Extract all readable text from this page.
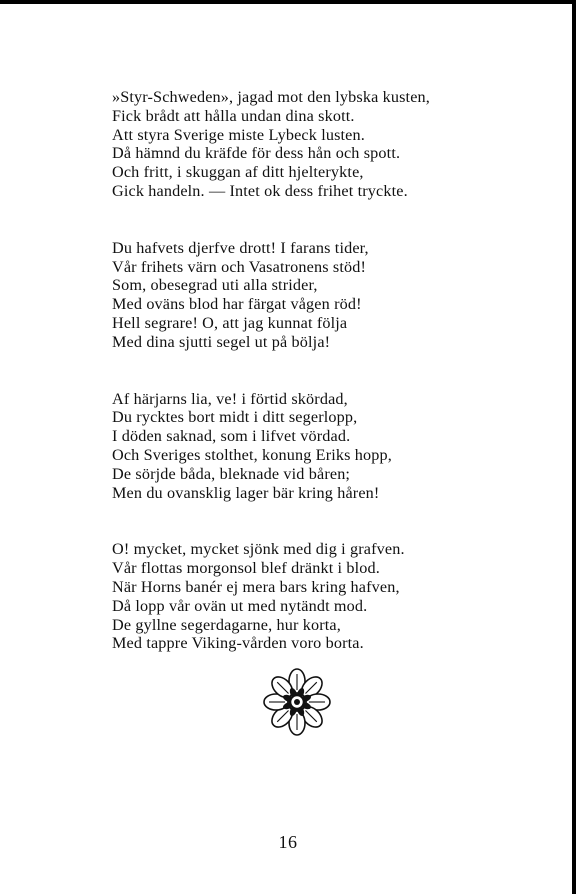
»Styr-Schweden», jagad mot den lybska kusten,
Fick brådt att hålla undan dina skott.
Att styra Sverige miste Lybeck lusten.
Då hämnd du kräfde för dess hån och spott.
Och fritt, i skuggan af ditt hjelterykte,
Gick handeln. — Intet ok dess frihet tryckte.
Du hafvets djerfve drott! I farans tider,
Vår frihets värn och Vasatronens stöd!
Som, obesegrad uti alla strider,
Med oväns blod har färgat vågen röd!
Hell segrare! O, att jag kunnat följa
Med dina sjutti segel ut på bölja!
Af härjarns lia, ve! i förtid skördad,
Du rycktes bort midt i ditt segerlopp,
I döden saknad, som i lifvet vördad.
Och Sveriges stolthet, konung Eriks hopp,
De sörjde båda, bleknade vid båren;
Men du ovansklig lager bär kring håren!
O! mycket, mycket sjönk med dig i grafven.
Vår flottas morgonsol blef dränkt i blod.
När Horns banér ej mera bars kring hafven,
Då lopp vår ovän ut med nytändt mod.
De gyllne segerdagarne, hur korta,
Med tappre Viking-vården voro borta.
16
